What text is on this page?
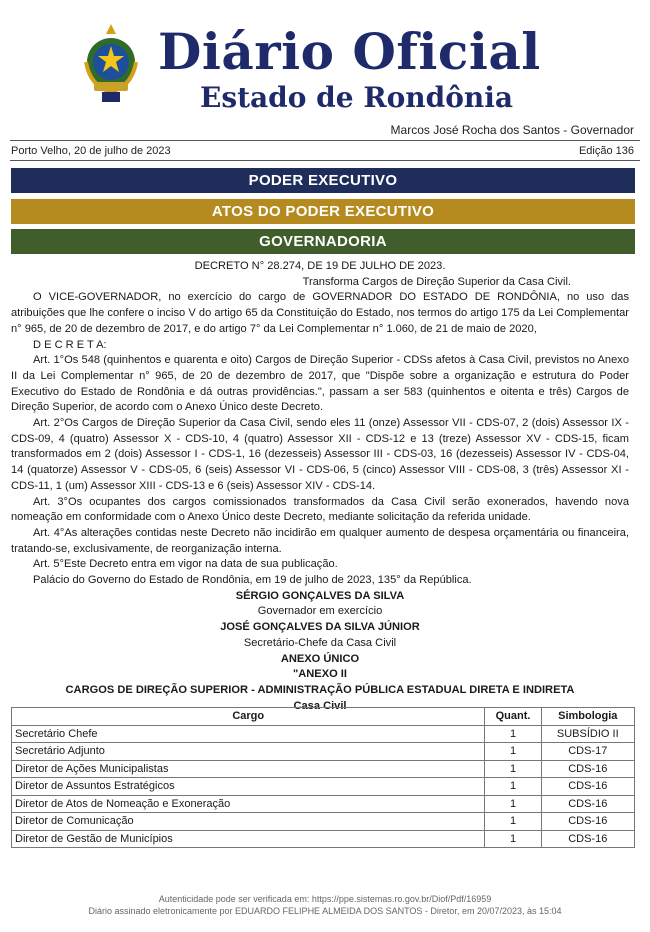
Diário Oficial
Estado de Rondônia
Marcos José Rocha dos Santos - Governador
Porto Velho, 20 de julho de 2023	Edição 136
PODER EXECUTIVO
ATOS DO PODER EXECUTIVO
GOVERNADORIA

DECRETO N° 28.274, DE 19 DE JULHO DE 2023.

Transforma Cargos de Direção Superior da Casa Civil.

O VICE-GOVERNADOR, no exercício do cargo de GOVERNADOR DO ESTADO DE RONDÔNIA, no uso das atribuições que lhe confere o inciso V do artigo 65 da Constituição do Estado, nos termos do artigo 175 da Lei Complementar n° 965, de 20 de dezembro de 2017, e do artigo 7° da Lei Complementar n° 1.060, de 21 de maio de 2020,

D E C R E T A:

Art. 1°Os 548 (quinhentos e quarenta e oito) Cargos de Direção Superior - CDSs afetos à Casa Civil, previstos no Anexo II da Lei Complementar n° 965, de 20 de dezembro de 2017, que "Dispõe sobre a organização e estrutura do Poder Executivo do Estado de Rondônia e dá outras providências.", passam a ser 583 (quinhentos e oitenta e três) Cargos de Direção Superior, de acordo com o Anexo Único deste Decreto.

Art. 2°Os Cargos de Direção Superior da Casa Civil, sendo eles 11 (onze) Assessor VII - CDS-07, 2 (dois) Assessor IX - CDS-09, 4 (quatro) Assessor X - CDS-10, 4 (quatro) Assessor XII - CDS-12 e 13 (treze) Assessor XV - CDS-15, ficam transformados em 2 (dois) Assessor I - CDS-1, 16 (dezesseis) Assessor III - CDS-03, 16 (dezesseis) Assessor IV - CDS-04, 14 (quatorze) Assessor V - CDS-05, 6 (seis) Assessor VI - CDS-06, 5 (cinco) Assessor VIII - CDS-08, 3 (três) Assessor XI - CDS-11, 1 (um) Assessor XIII - CDS-13 e 6 (seis) Assessor XIV - CDS-14.

Art. 3°Os ocupantes dos cargos comissionados transformados da Casa Civil serão exonerados, havendo nova nomeação em conformidade com o Anexo Único deste Decreto, mediante solicitação da referida unidade.

Art. 4°As alterações contidas neste Decreto não incidirão em qualquer aumento de despesa orçamentária ou financeira, tratando-se, exclusivamente, de reorganização interna.

Art. 5°Este Decreto entra em vigor na data de sua publicação.

Palácio do Governo do Estado de Rondônia, em 19 de julho de 2023, 135° da República.

SÉRGIO GONÇALVES DA SILVA

Governador em exercício

JOSÉ GONÇALVES DA SILVA JÚNIOR

Secretário-Chefe da Casa Civil

ANEXO ÚNICO

"ANEXO II

CARGOS DE DIREÇÃO SUPERIOR - ADMINISTRAÇÃO PÚBLICA ESTADUAL DIRETA E INDIRETA

Casa Civil

Cargo	Quant.	Simbologia
Secretário Chefe	1	SUBSÍDIO II
Secretário Adjunto	1	CDS-17
Diretor de Ações Municipalistas	1	CDS-16
Diretor de Assuntos Estratégicos	1	CDS-16
Diretor de Atos de Nomeação e Exoneração	1	CDS-16
Diretor de Comunicação	1	CDS-16
Diretor de Gestão de Municípios	1	CDS-16
Autenticidade pode ser verificada em: https://ppe.sistemas.ro.gov.br/Diof/Pdf/16959
Diário assinado eletronicamente por EDUARDO FELIPHE ALMEIDA DOS SANTOS - Diretor, em 20/07/2023, às 15:04
